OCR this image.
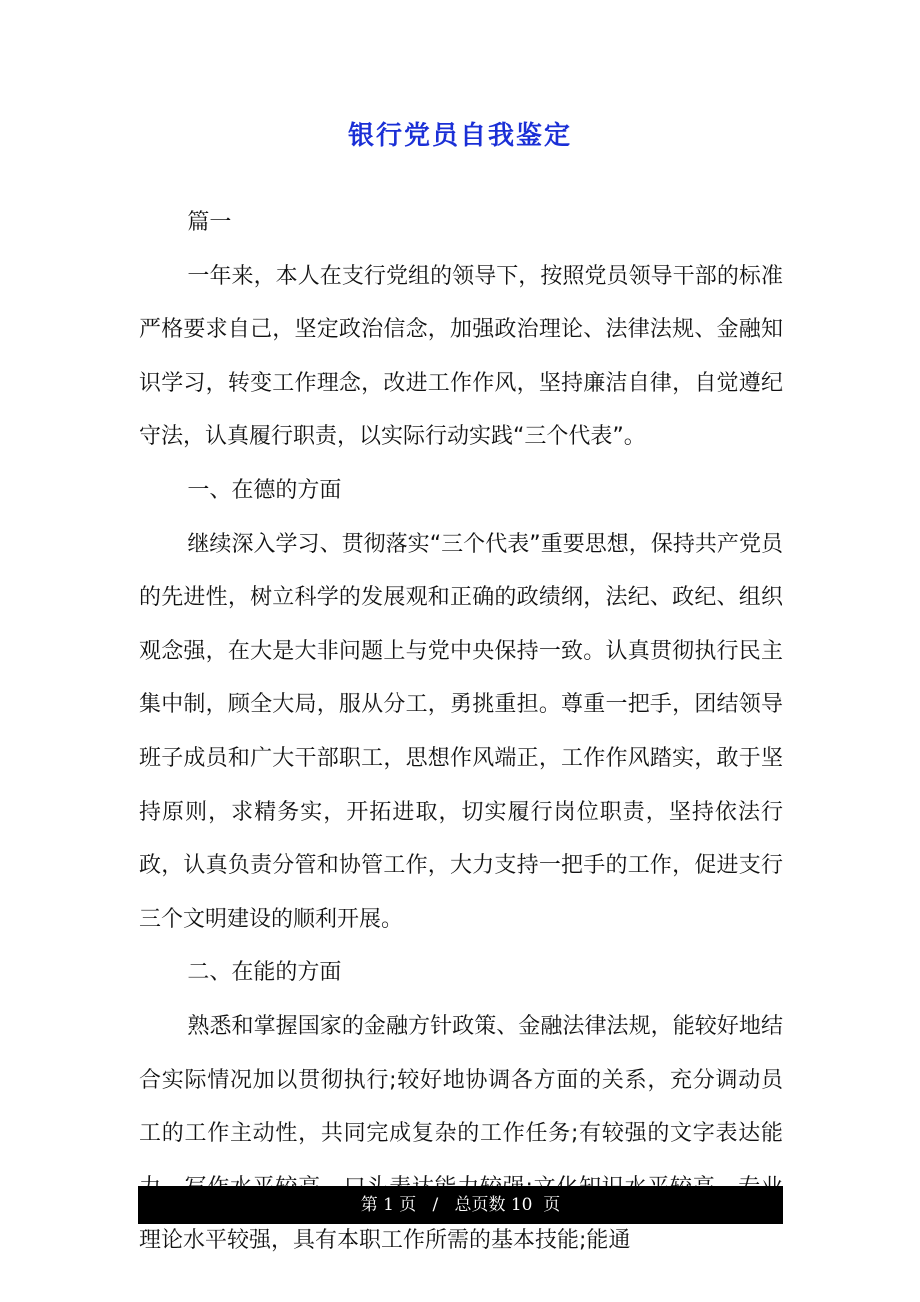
银行党员自我鉴定

篇一

一年来，本人在支行党组的领导下，按照党员领导干部的标准严格要求自己，坚定政治信念，加强政治理论、法律法规、金融知识学习，转变工作理念，改进工作作风，坚持廉洁自律，自觉遵纪守法，认真履行职责，以实际行动实践“三个代表”。

一、在德的方面

继续深入学习、贯彻落实“三个代表”重要思想，保持共产党员的先进性，树立科学的发展观和正确的政绩纲，法纪、政纪、组织观念强，在大是大非问题上与党中央保持一致。认真贯彻执行民主集中制，顾全大局，服从分工，勇挑重担。尊重一把手，团结领导班子成员和广大干部职工，思想作风端正，工作作风踏实，敢于坚持原则，求精务实，开拓进取，切实履行岗位职责，坚持依法行政，认真负责分管和协管工作，大力支持一把手的工作，促进支行三个文明建设的顺利开展。

二、在能的方面

熟悉和掌握国家的金融方针政策、金融法律法规，能较好地结合实际情况加以贯彻执行;较好地协调各方面的关系，充分调动员工的工作主动性，共同完成复杂的工作任务;有较强的文字表达能 理论水平较强，具有本职工作所需的基本技能;能通

第 1 页   /   总页数 10  页
